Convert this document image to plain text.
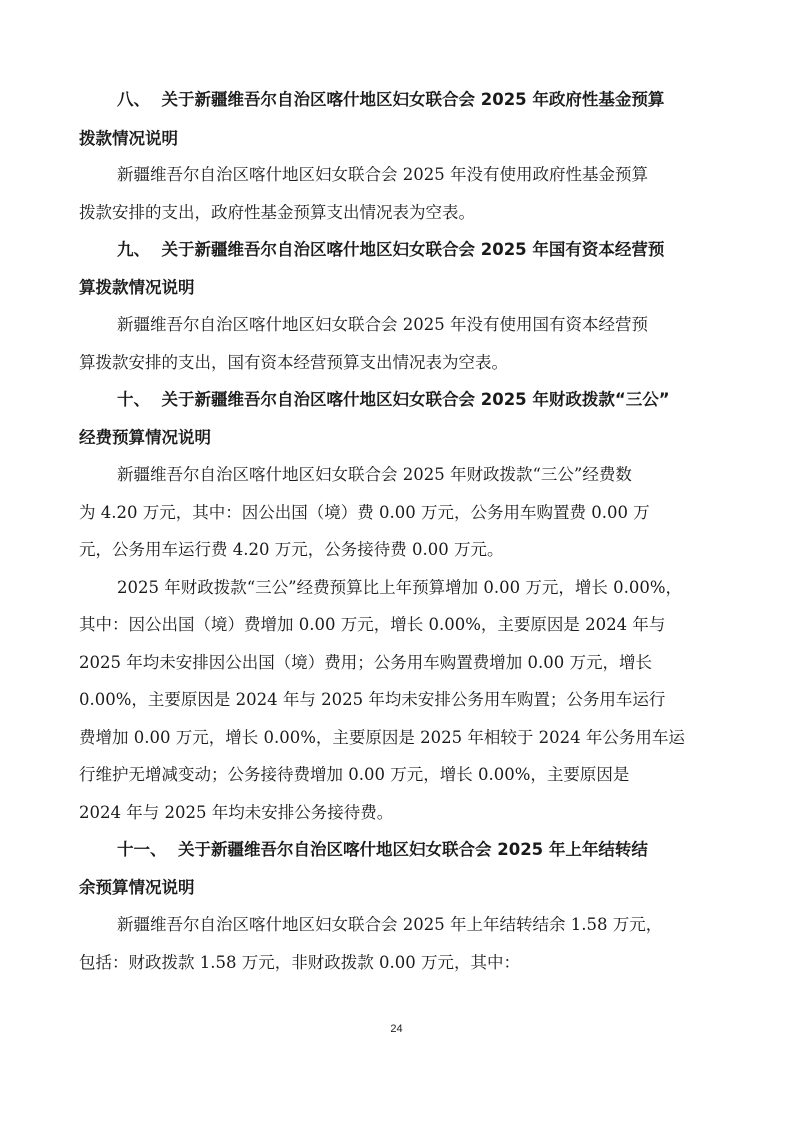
八、  关于新疆维吾尔自治区喀什地区妇女联合会 2025 年政府性基金预算
拨款情况说明
新疆维吾尔自治区喀什地区妇女联合会 2025 年没有使用政府性基金预算
拨款安排的支出，政府性基金预算支出情况表为空表。
九、  关于新疆维吾尔自治区喀什地区妇女联合会 2025 年国有资本经营预
算拨款情况说明
新疆维吾尔自治区喀什地区妇女联合会 2025 年没有使用国有资本经营预
算拨款安排的支出，国有资本经营预算支出情况表为空表。
十、  关于新疆维吾尔自治区喀什地区妇女联合会 2025 年财政拨款“三公”
经费预算情况说明
新疆维吾尔自治区喀什地区妇女联合会 2025 年财政拨款“三公”经费数
为 4.20 万元，其中：因公出国（境）费 0.00 万元，公务用车购置费 0.00 万
元，公务用车运行费 4.20 万元，公务接待费 0.00 万元。
2025 年财政拨款“三公”经费预算比上年预算增加 0.00 万元，增长 0.00%，
其中：因公出国（境）费增加 0.00 万元，增长 0.00%，主要原因是 2024 年与
2025 年均未安排因公出国（境）费用；公务用车购置费增加 0.00 万元，增长
0.00%，主要原因是 2024 年与 2025 年均未安排公务用车购置；公务用车运行
费增加 0.00 万元，增长 0.00%，主要原因是 2025 年相较于 2024 年公务用车运
行维护无增减变动；公务接待费增加 0.00 万元，增长 0.00%，主要原因是
2024 年与 2025 年均未安排公务接待费。
十一、  关于新疆维吾尔自治区喀什地区妇女联合会 2025 年上年结转结
余预算情况说明
新疆维吾尔自治区喀什地区妇女联合会 2025 年上年结转结余 1.58 万元，
包括：财政拨款 1.58 万元，非财政拨款 0.00 万元，其中：
24
